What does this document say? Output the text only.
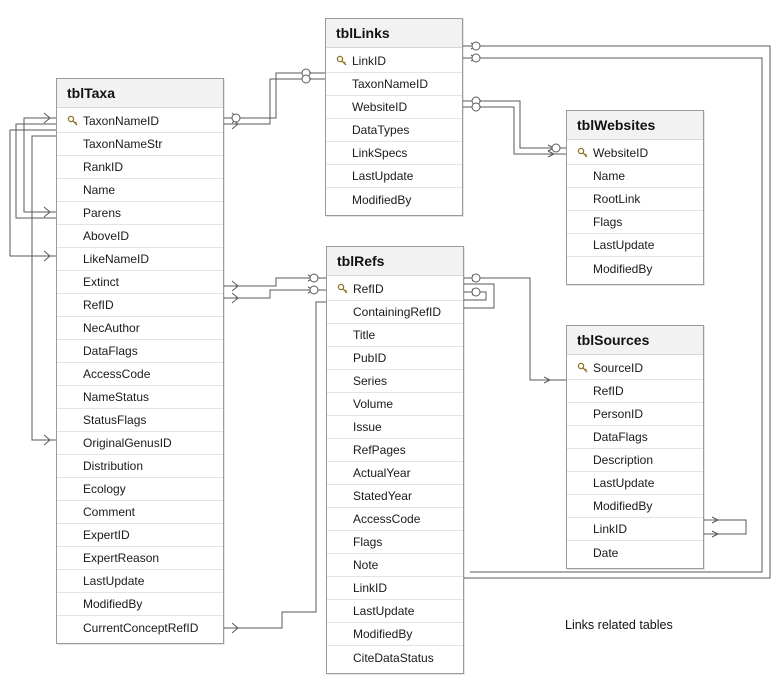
tblTaxa
TaxonNameID
TaxonNameStr
RankID
Name
Parens
AboveID
LikeNameID
Extinct
RefID
NecAuthor
DataFlags
AccessCode
NameStatus
StatusFlags
OriginalGenusID
Distribution
Ecology
Comment
ExpertID
ExpertReason
LastUpdate
ModifiedBy
CurrentConceptRefID
tblLinks
LinkID
TaxonNameID
WebsiteID
DataTypes
LinkSpecs
LastUpdate
ModifiedBy
tblWebsites
WebsiteID
Name
RootLink
Flags
LastUpdate
ModifiedBy
tblRefs
RefID
ContainingRefID
Title
PubID
Series
Volume
Issue
RefPages
ActualYear
StatedYear
AccessCode
Flags
Note
LinkID
LastUpdate
ModifiedBy
CiteDataStatus
tblSources
SourceID
RefID
PersonID
DataFlags
Description
LastUpdate
ModifiedBy
LinkID
Date
Links related tables
